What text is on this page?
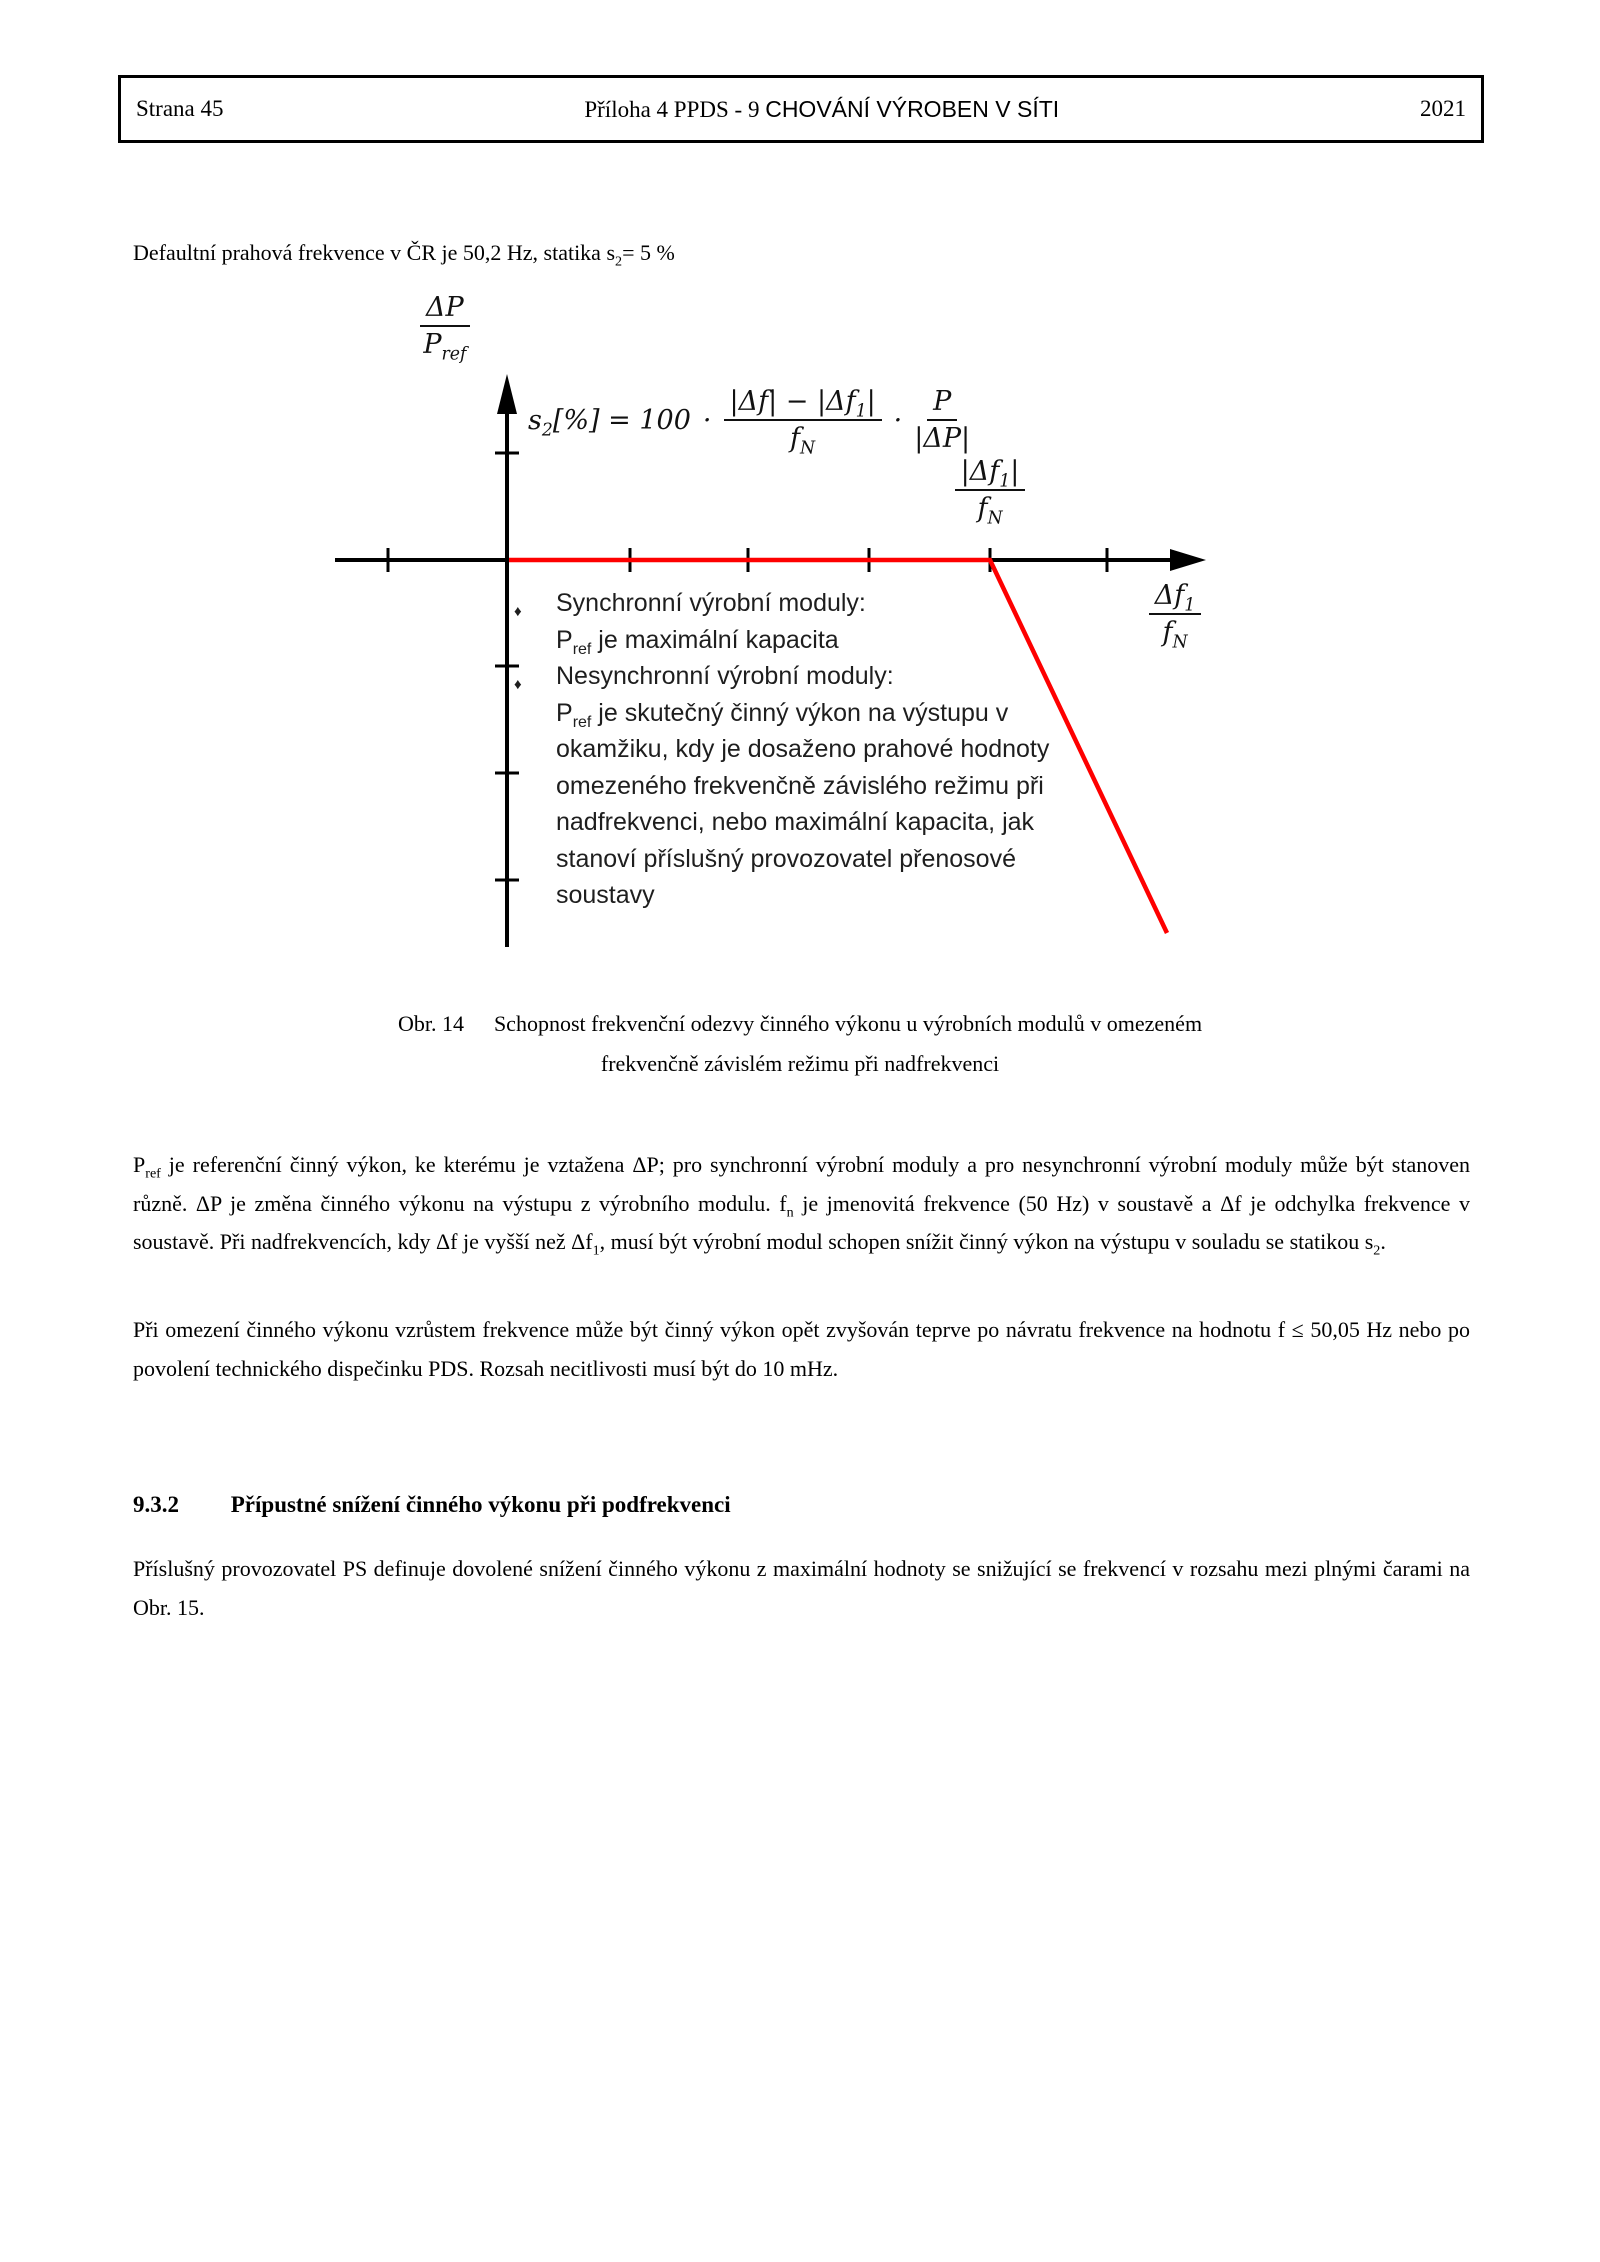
Strana 45	Příloha 4 PPDS - 9 CHOVÁNÍ VÝROBEN V SÍTI	2021

Defaultní prahová frekvence v ČR je 50,2 Hz, statika $s_2= 5$ %

$\frac{\Delta P}{P_{ref}}$
$s_2[\%] = 100 \cdot \frac{|\Delta f| - |\Delta f_1|}{f_N} \cdot \frac{P}{|\Delta P|}$
$\frac{|\Delta f_1|}{f_N}$
$\frac{\Delta f_1}{f_N}$
♦	Synchronní výrobní moduly:
$P_{ref}$ je maximální kapacita
♦	Nesynchronní výrobní moduly:
$P_{ref}$ je skutečný činný výkon na výstupu v okamžiku, kdy je dosaženo prahové hodnoty omezeného frekvenčně závislého režimu při nadfrekvenci, nebo maximální kapacita, jak stanoví příslušný provozovatel přenosové soustavy
Obr. 14 Schopnost frekvenční odezvy činného výkonu u výrobních modulů v omezeném
frekvenčně závislém režimu při nadfrekvenci

$P_{ref}$ je referenční činný výkon, ke kterému je vztažena ΔP; pro synchronní výrobní moduly a pro nesynchronní výrobní moduly může být stanoven různě. ΔP je změna činného výkonu na výstupu z výrobního modulu. $f_n$ je jmenovitá frekvence (50 Hz) v soustavě a Δf je odchylka frekvence v soustavě. Při nadfrekvencích, kdy Δf je vyšší než $\Delta f_1$, musí být výrobní modul schopen snížit činný výkon na výstupu v souladu se statikou $s_2$.

Při omezení činného výkonu vzrůstem frekvence může být činný výkon opět zvyšován teprve po návratu frekvence na hodnotu f ≤ 50,05 Hz nebo po povolení technického dispečinku PDS. Rozsah necitlivosti musí být do 10 mHz.

9.3.2 Přípustné snížení činného výkonu při podfrekvenci

Příslušný provozovatel PS definuje dovolené snížení činného výkonu z maximální hodnoty se snižující se frekvencí v rozsahu mezi plnými čarami na Obr. 15.
